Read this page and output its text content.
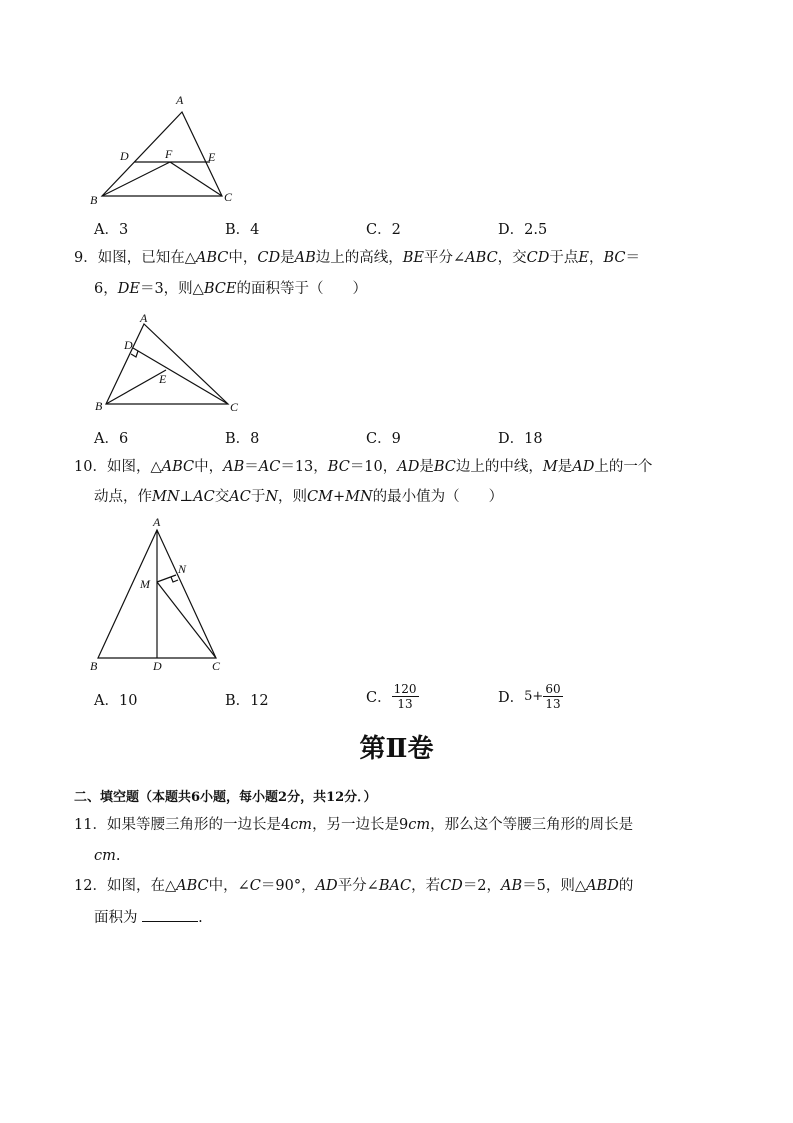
A
D	F	E
B	C
A．3	B．4	C．2	D．2.5
9．如图，已知在△ABC中，CD是AB边上的高线，BE平分∠ABC，交CD于点E，BC＝
6，DE＝3，则△BCE的面积等于（　　）
A
D
E
B	C
A．6	B．8	C．9	D．18
10．如图，△ABC中，AB＝AC＝13，BC＝10，AD是BC边上的中线，M是AD上的一个
动点，作MN⊥AC交AC于N，则CM+MN的最小值为（　　）
A
N
M
B	D	C
A．10	B．12	C． $\frac{120}{13}$	D．$5+ \frac{60}{13}$
第Ⅱ卷
二、填空题（本题共6小题，每小题2分，共12分．）
11．如果等腰三角形的一边长是4cm，另一边长是9cm，那么这个等腰三角形的周长是
cm.
12．如图，在△ABC中，∠C＝90°，AD平分∠BAC，若CD＝2，AB＝5，则△ABD的
面积为	.
